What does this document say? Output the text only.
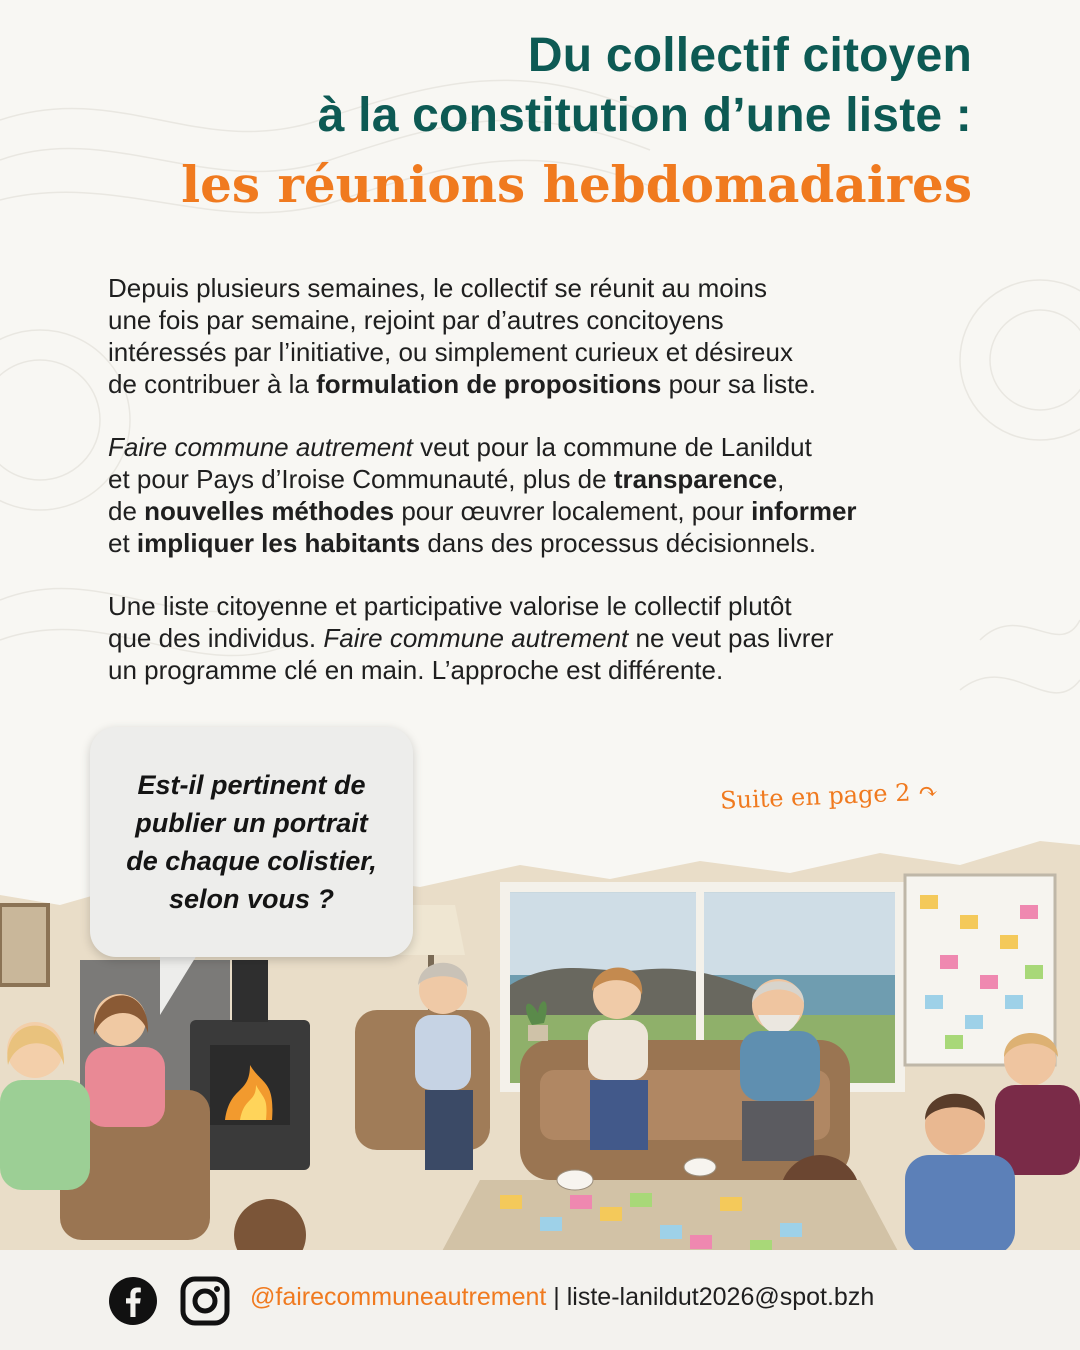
Du collectif citoyen
à la constitution d’une liste :
les réunions hebdomadaires

Depuis plusieurs semaines, le collectif se réunit au moins
une fois par semaine, rejoint par d’autres concitoyens
intéressés par l’initiative, ou simplement curieux et désireux
de contribuer à la formulation de propositions pour sa liste.

Faire commune autrement veut pour la commune de Lanildut
et pour Pays d’Iroise Communauté, plus de transparence,
de nouvelles méthodes pour œuvrer localement, pour informer
et impliquer les habitants dans des processus décisionnels.

Une liste citoyenne et participative valorise le collectif plutôt
que des individus. Faire commune autrement ne veut pas livrer
un programme clé en main. L’approche est différente.

Est-il pertinent de
publier un portrait
de chaque colistier,
selon vous ?
Suite en page 2 ↷
@fairecommuneautrement | liste-lanildut2026@spot.bzh
